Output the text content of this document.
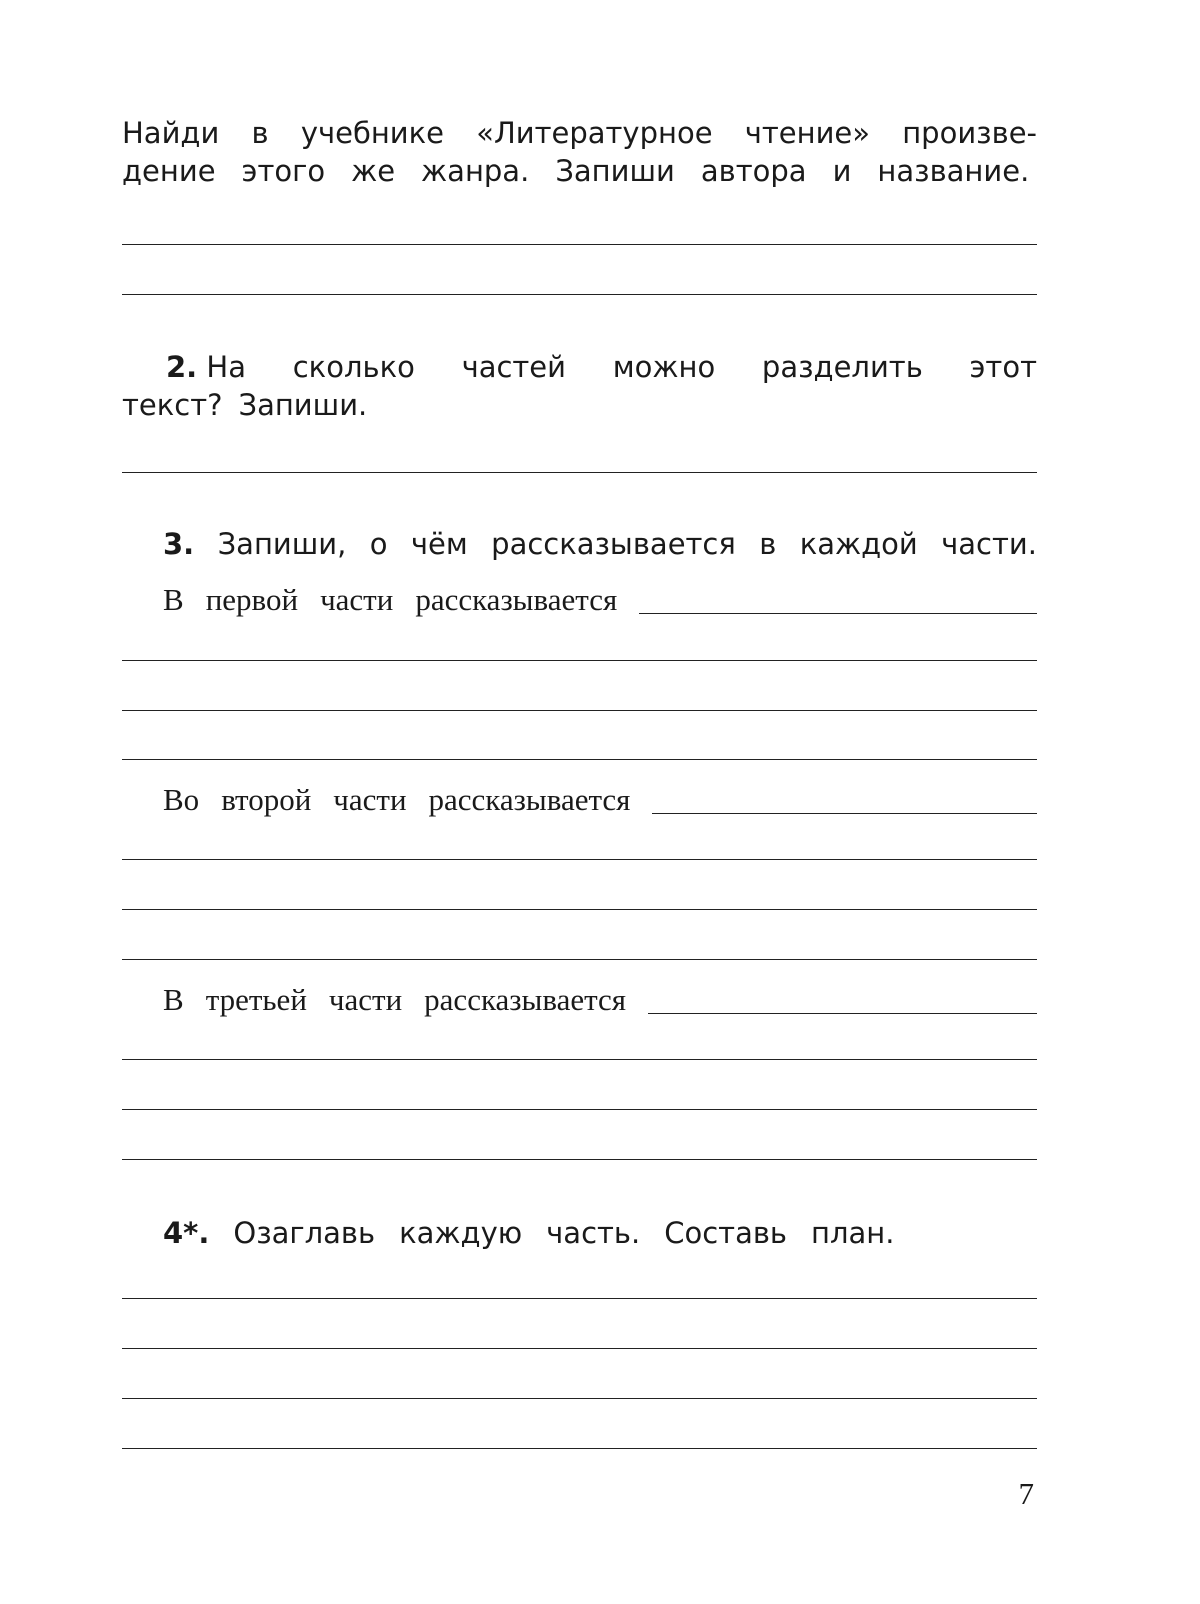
Найди в учебнике «Литературное чтение» произве-
дение этого же жанра. Запиши автора и название.
2. На сколько частей можно разделить этот
текст? Запиши.
3. Запиши, о чём рассказывается в каждой части.
В первой части рассказывается
Во второй части рассказывается
В третьей части рассказывается
4*. Озаглавь каждую часть. Составь план.
7
